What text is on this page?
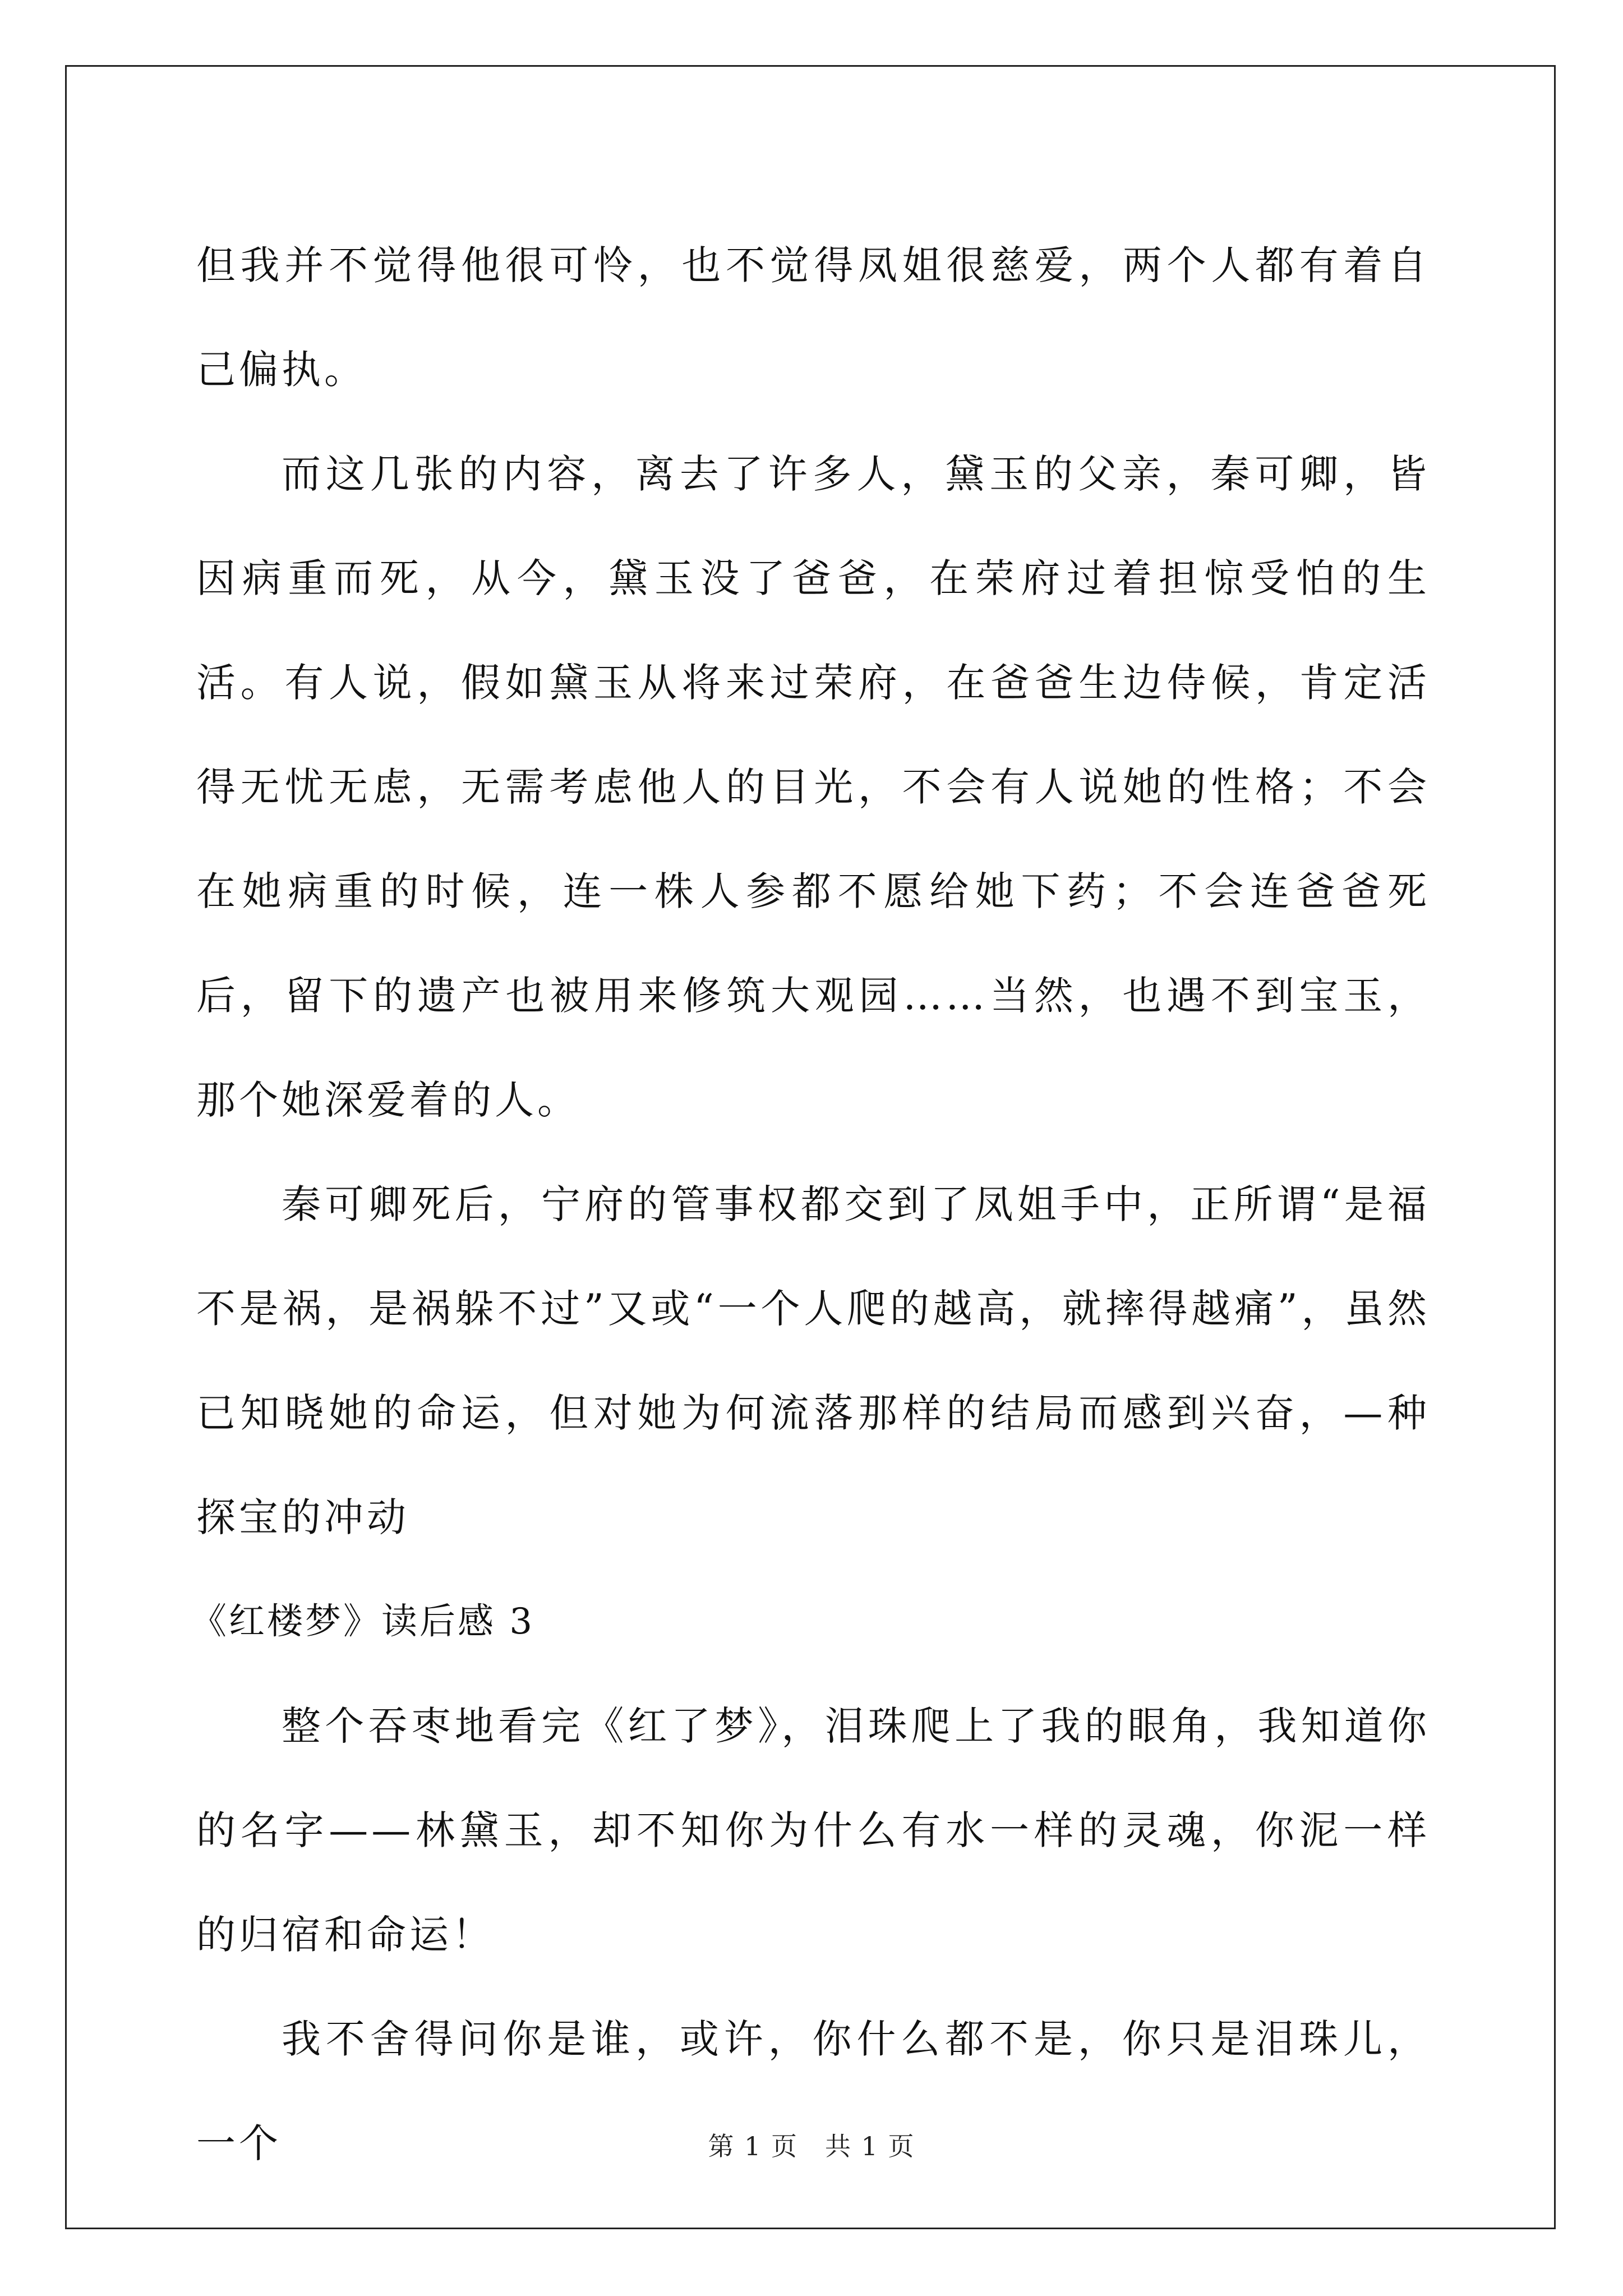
但我并不觉得他很可怜，也不觉得凤姐很慈爱，两个人都有着自己偏执。

而这几张的内容，离去了许多人，黛玉的父亲，秦可卿，皆因病重而死，从今，黛玉没了爸爸，在荣府过着担惊受怕的生活。有人说，假如黛玉从将来过荣府，在爸爸生边侍候，肯定活得无忧无虑，无需考虑他人的目光，不会有人说她的性格；不会在她病重的时候，连一株人参都不愿给她下药；不会连爸爸死后，留下的遗产也被用来修筑大观园……当然，也遇不到宝玉，那个她深爱着的人。

秦可卿死后，宁府的管事权都交到了凤姐手中，正所谓“是福不是祸，是祸躲不过”又或“一个人爬的越高，就摔得越痛”，虽然已知晓她的命运，但对她为何流落那样的结局而感到兴奋，—种探宝的冲动

《红楼梦》读后感 3

整个吞枣地看完《红了梦》，泪珠爬上了我的眼角，我知道你的名字——林黛玉，却不知你为什么有水一样的灵魂，你泥一样的归宿和命运！

我不舍得问你是谁，或许，你什么都不是，你只是泪珠儿，一个	第 1 页　共 1 页
